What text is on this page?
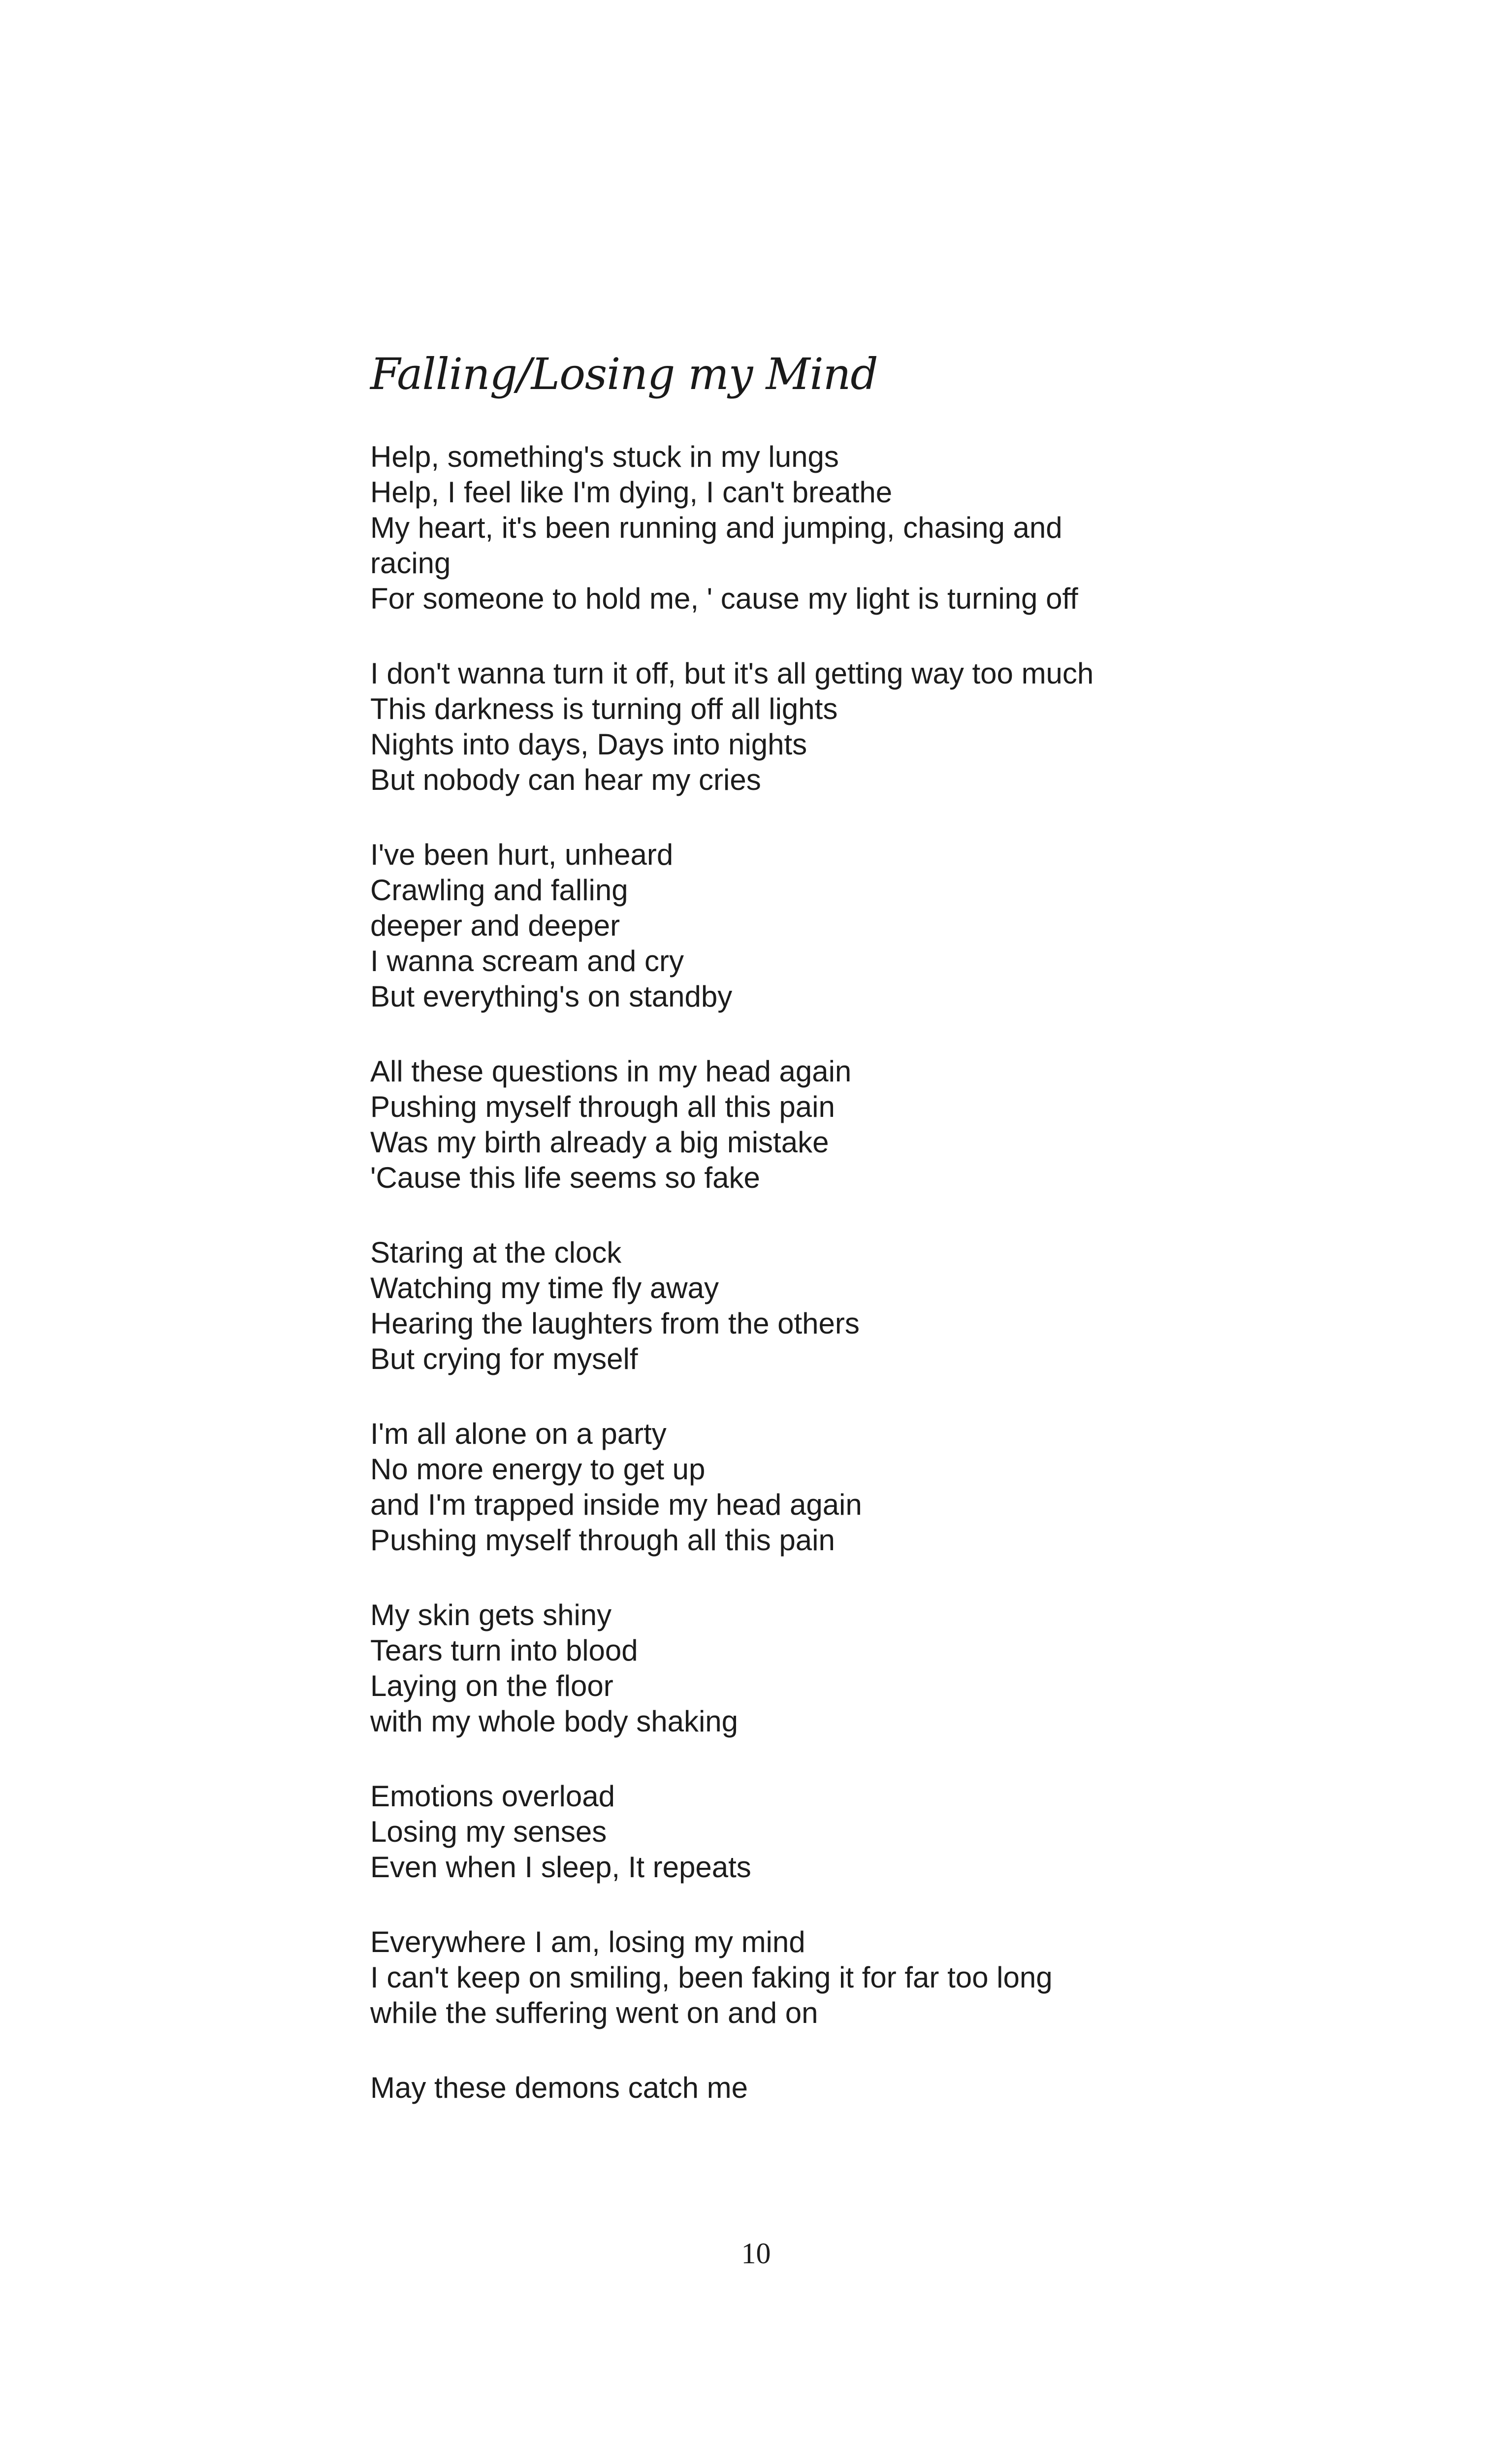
Falling/Losing my Mind
Help, something's stuck in my lungs
Help, I feel like I'm dying, I can't breathe
My heart, it's been running and jumping, chasing and
racing
For someone to hold me, ' cause my light is turning off
I don't wanna turn it off, but it's all getting way too much
This darkness is turning off all lights
Nights into days, Days into nights
But nobody can hear my cries
I've been hurt, unheard
Crawling and falling
deeper and deeper
I wanna scream and cry
But everything's on standby
All these questions in my head again
Pushing myself through all this pain
Was my birth already a big mistake
'Cause this life seems so fake
Staring at the clock
Watching my time fly away
Hearing the laughters from the others
But crying for myself
I'm all alone on a party
No more energy to get up
and I'm trapped inside my head again
Pushing myself through all this pain
My skin gets shiny
Tears turn into blood
Laying on the floor
with my whole body shaking
Emotions overload
Losing my senses
Even when I sleep, It repeats
Everywhere I am, losing my mind
I can't keep on smiling, been faking it for far too long
while the suffering went on and on
May these demons catch me
10
